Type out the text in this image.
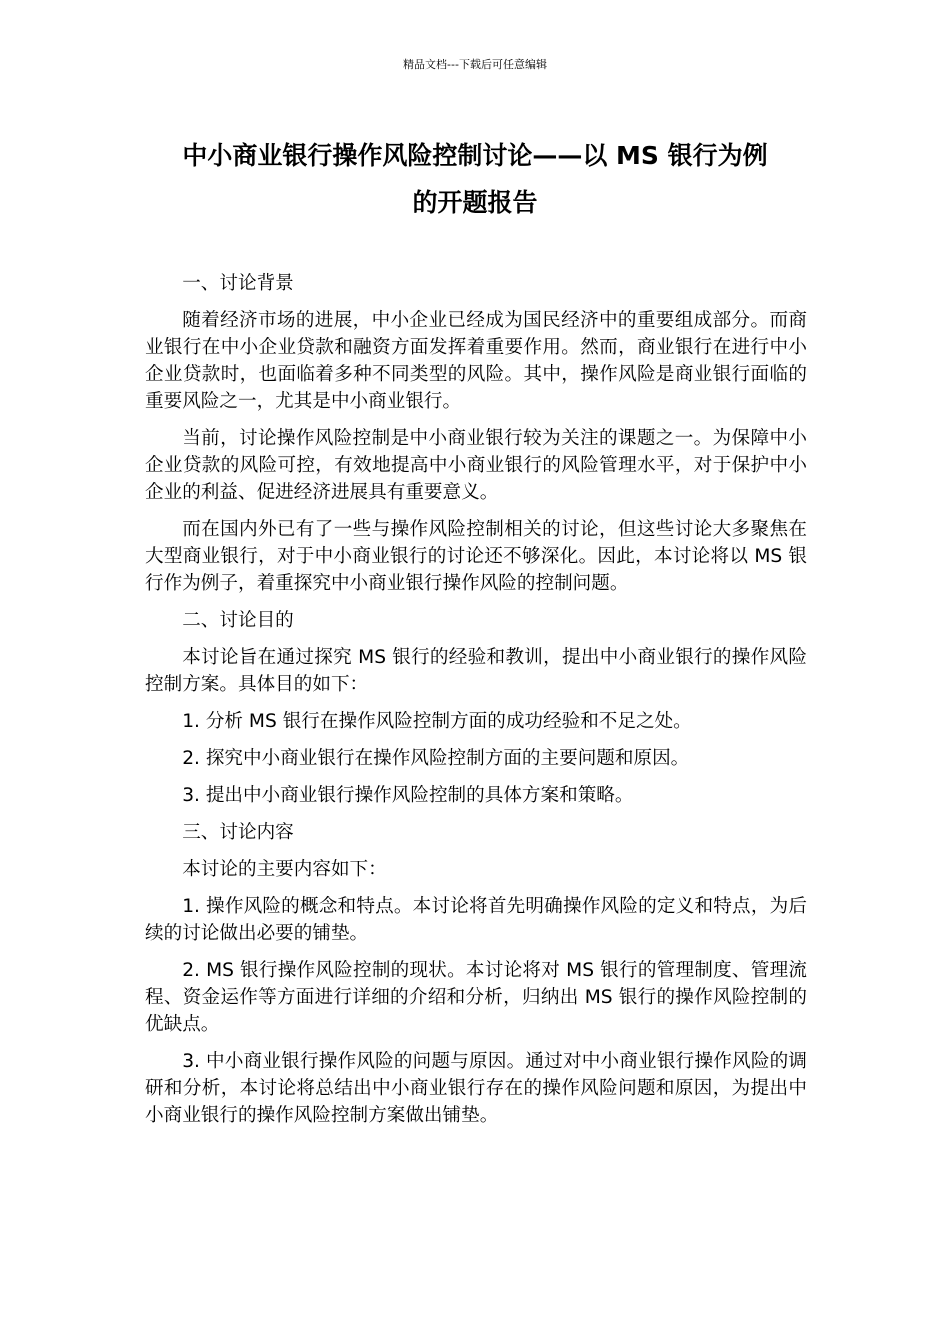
精品文档---下载后可任意编辑
中小商业银行操作风险控制讨论——以 MS 银行为例
的开题报告

一、讨论背景

随着经济市场的进展，中小企业已经成为国民经济中的重要组成部分。而商业银行在中小企业贷款和融资方面发挥着重要作用。然而，商业银行在进行中小企业贷款时，也面临着多种不同类型的风险。其中，操作风险是商业银行面临的重要风险之一，尤其是中小商业银行。

当前，讨论操作风险控制是中小商业银行较为关注的课题之一。为保障中小企业贷款的风险可控，有效地提高中小商业银行的风险管理水平，对于保护中小企业的利益、促进经济进展具有重要意义。

而在国内外已有了一些与操作风险控制相关的讨论，但这些讨论大多聚焦在大型商业银行，对于中小商业银行的讨论还不够深化。因此，本讨论将以 MS 银行作为例子，着重探究中小商业银行操作风险的控制问题。

二、讨论目的

本讨论旨在通过探究 MS 银行的经验和教训，提出中小商业银行的操作风险控制方案。具体目的如下：

1. 分析 MS 银行在操作风险控制方面的成功经验和不足之处。

2. 探究中小商业银行在操作风险控制方面的主要问题和原因。

3. 提出中小商业银行操作风险控制的具体方案和策略。

三、讨论内容

本讨论的主要内容如下：

1. 操作风险的概念和特点。本讨论将首先明确操作风险的定义和特点，为后续的讨论做出必要的铺垫。

2. MS 银行操作风险控制的现状。本讨论将对 MS 银行的管理制度、管理流程、资金运作等方面进行详细的介绍和分析，归纳出 MS 银行的操作风险控制的优缺点。

3. 中小商业银行操作风险的问题与原因。通过对中小商业银行操作风险的调研和分析，本讨论将总结出中小商业银行存在的操作风险问题和原因，为提出中小商业银行的操作风险控制方案做出铺垫。
